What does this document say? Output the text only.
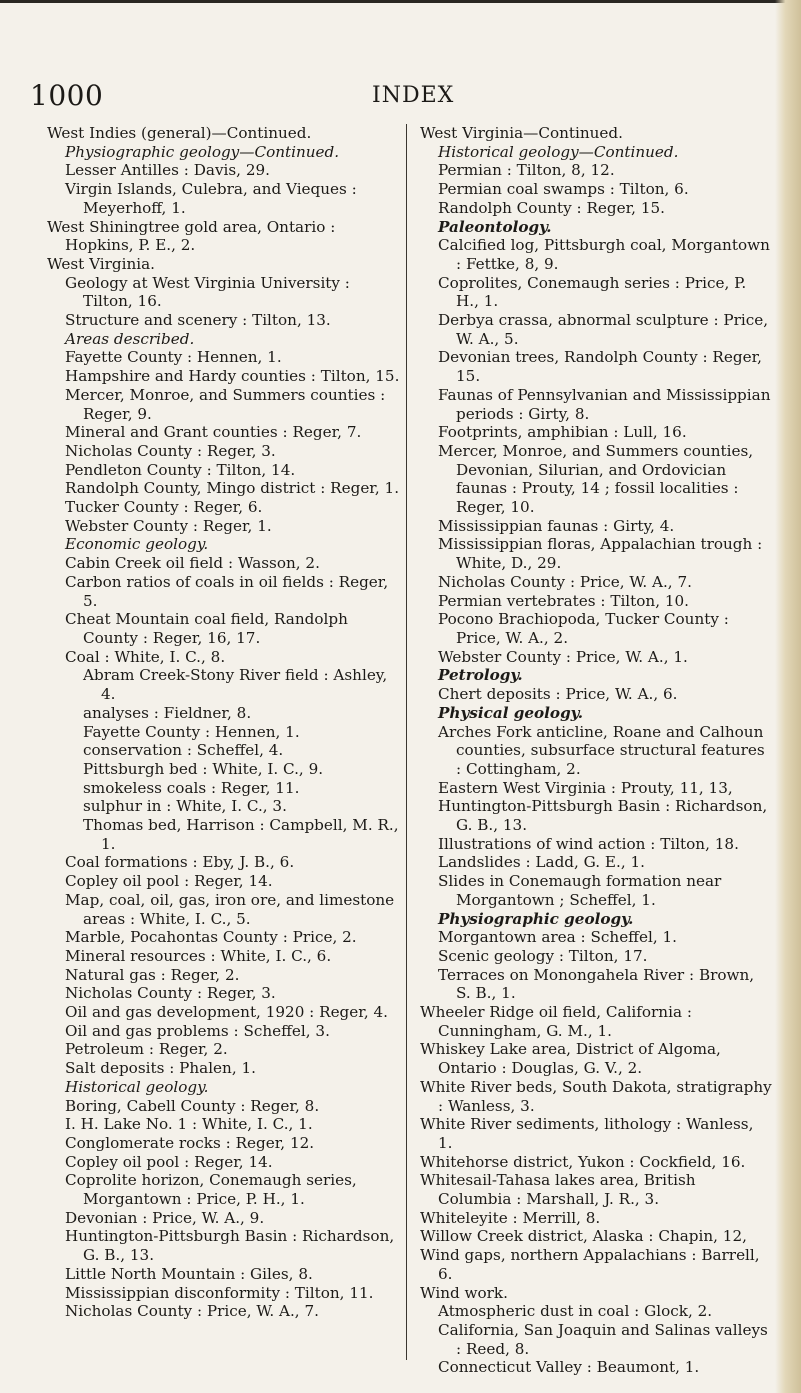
1000	INDEX
West Indies (general)—Continued.
Physiographic geology—Continued.
Lesser Antilles : Davis, 29.
Virgin Islands, Culebra, and Vieques : Meyerhoff, 1.
West Shiningtree gold area, Ontario : Hopkins, P. E., 2.
West Virginia.
Geology at West Virginia University : Tilton, 16.
Structure and scenery : Tilton, 13.
Areas described.
Fayette County : Hennen, 1.
Hampshire and Hardy counties : Tilton, 15.
Mercer, Monroe, and Summers counties : Reger, 9.
Mineral and Grant counties : Reger, 7.
Nicholas County : Reger, 3.
Pendleton County : Tilton, 14.
Randolph County, Mingo district : Reger, 1.
Tucker County : Reger, 6.
Webster County : Reger, 1.
Economic geology.
Cabin Creek oil field : Wasson, 2.
Carbon ratios of coals in oil fields : Reger, 5.
Cheat Mountain coal field, Randolph County : Reger, 16, 17.
Coal : White, I. C., 8.
Abram Creek-Stony River field : Ashley, 4.
analyses : Fieldner, 8.
Fayette County : Hennen, 1.
conservation : Scheffel, 4.
Pittsburgh bed : White, I. C., 9.
smokeless coals : Reger, 11.
sulphur in : White, I. C., 3.
Thomas bed, Harrison : Campbell, M. R., 1.
Coal formations : Eby, J. B., 6.
Copley oil pool : Reger, 14.
Map, coal, oil, gas, iron ore, and limestone areas : White, I. C., 5.
Marble, Pocahontas County : Price, 2.
Mineral resources : White, I. C., 6.
Natural gas : Reger, 2.
Nicholas County : Reger, 3.
Oil and gas development, 1920 : Reger, 4.
Oil and gas problems : Scheffel, 3.
Petroleum : Reger, 2.
Salt deposits : Phalen, 1.
Historical geology.
Boring, Cabell County : Reger, 8.
I. H. Lake No. 1 : White, I. C., 1.
Conglomerate rocks : Reger, 12.
Copley oil pool : Reger, 14.
Coprolite horizon, Conemaugh series, Morgantown : Price, P. H., 1.
Devonian : Price, W. A., 9.
Huntington-Pittsburgh Basin : Richardson, G. B., 13.
Little North Mountain : Giles, 8.
Mississippian disconformity : Tilton, 11.
Nicholas County : Price, W. A., 7.
West Virginia—Continued.
Historical geology—Continued.
Permian : Tilton, 8, 12.
Permian coal swamps : Tilton, 6.
Randolph County : Reger, 15.
Paleontology.
Calcified log, Pittsburgh coal, Morgantown : Fettke, 8, 9.
Coprolites, Conemaugh series : Price, P. H., 1.
Derbya crassa, abnormal sculpture : Price, W. A., 5.
Devonian trees, Randolph County : Reger, 15.
Faunas of Pennsylvanian and Mississippian periods : Girty, 8.
Footprints, amphibian : Lull, 16.
Mercer, Monroe, and Summers counties, Devonian, Silurian, and Ordovician faunas : Prouty, 14 ; fossil localities : Reger, 10.
Mississippian faunas : Girty, 4.
Mississippian floras, Appalachian trough : White, D., 29.
Nicholas County : Price, W. A., 7.
Permian vertebrates : Tilton, 10.
Pocono Brachiopoda, Tucker County : Price, W. A., 2.
Webster County : Price, W. A., 1.
Petrology.
Chert deposits : Price, W. A., 6.
Physical geology.
Arches Fork anticline, Roane and Calhoun counties, subsurface structural features : Cottingham, 2.
Eastern West Virginia : Prouty, 11, 13,
Huntington-Pittsburgh Basin : Richardson, G. B., 13.
Illustrations of wind action : Tilton, 18.
Landslides : Ladd, G. E., 1.
Slides in Conemaugh formation near Morgantown ; Scheffel, 1.
Physiographic geology.
Morgantown area : Scheffel, 1.
Scenic geology : Tilton, 17.
Terraces on Monongahela River : Brown, S. B., 1.
Wheeler Ridge oil field, California : Cunningham, G. M., 1.
Whiskey Lake area, District of Algoma, Ontario : Douglas, G. V., 2.
White River beds, South Dakota, stratigraphy : Wanless, 3.
White River sediments, lithology : Wanless, 1.
Whitehorse district, Yukon : Cockfield, 16.
Whitesail-Tahasa lakes area, British Columbia : Marshall, J. R., 3.
Whiteleyite : Merrill, 8.
Willow Creek district, Alaska : Chapin, 12,
Wind gaps, northern Appalachians : Barrell, 6.
Wind work.
Atmospheric dust in coal : Glock, 2.
California, San Joaquin and Salinas valleys : Reed, 8.
Connecticut Valley : Beaumont, 1.
